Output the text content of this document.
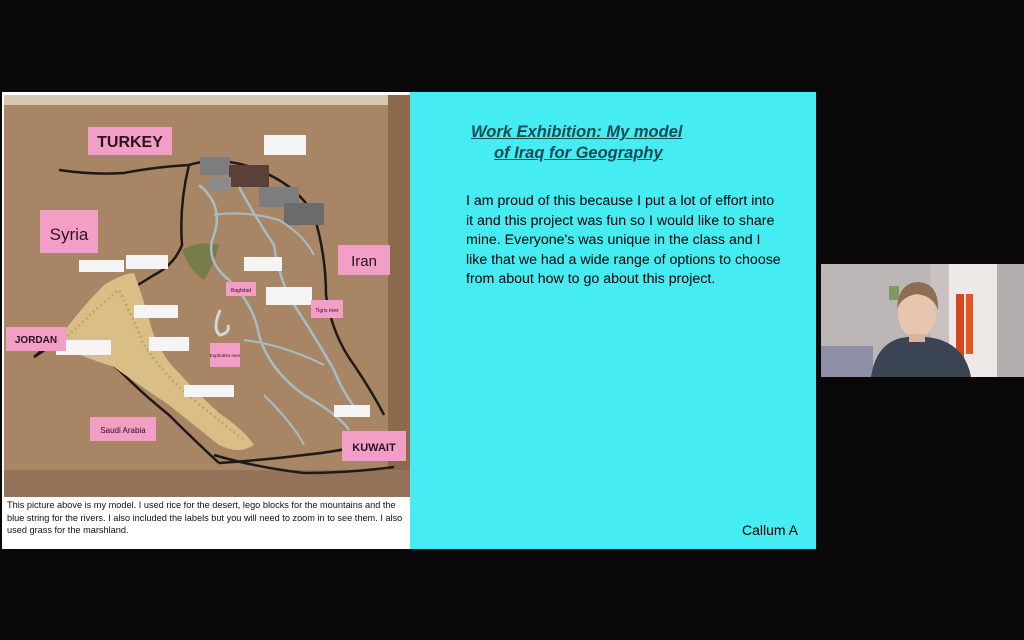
TURKEY
Syria
Iran
JORDAN
Saudi Arabia
KUWAIT
Baghdad
Tigris river
Euphrates river
This picture above is my model. I used rice for the desert, lego blocks for the mountains and the blue string for the rivers. I also included the labels but you will need to zoom in to see them. I also used grass for the marshland.
Work Exhibition: My model
of Iraq for Geography
I am proud of this because I put a lot of effort into it and this project was fun so I would like to share mine. Everyone's was unique in the class and I like that we had a wide range of options to choose from about how to go about this project.
Callum A
